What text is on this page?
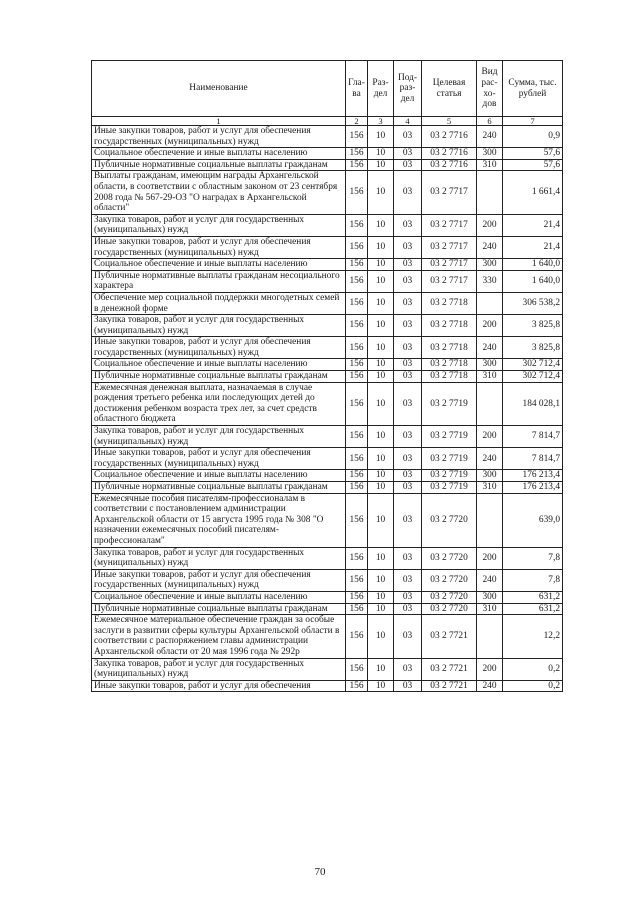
Наименование	Гла-ва	Раз-дел	Под-раз-дел	Целевая статья	Вид рас-хо-дов	Сумма, тыс. рублей
1	2	3	4	5	6	7
Иные закупки товаров, работ и услуг для обеспечения государственных (муниципальных) нужд	156	10	03	03 2 7716	240	0,9
Социальное обеспечение и иные выплаты населению	156	10	03	03 2 7716	300	57,6
Публичные нормативные социальные выплаты гражданам	156	10	03	03 2 7716	310	57,6
Выплаты гражданам, имеющим награды Архангельской области, в соответствии с областным законом от 23 сентября 2008 года № 567-29-ОЗ "О наградах в Архангельской области"	156	10	03	03 2 7717		1 661,4
Закупка товаров, работ и услуг для государственных (муниципальных) нужд	156	10	03	03 2 7717	200	21,4
Иные закупки товаров, работ и услуг для обеспечения государственных (муниципальных) нужд	156	10	03	03 2 7717	240	21,4
Социальное обеспечение и иные выплаты населению	156	10	03	03 2 7717	300	1 640,0
Публичные нормативные выплаты гражданам несоциального характера	156	10	03	03 2 7717	330	1 640,0
Обеспечение мер социальной поддержки многодетных семей в денежной форме	156	10	03	03 2 7718		306 538,2
Закупка товаров, работ и услуг для государственных (муниципальных) нужд	156	10	03	03 2 7718	200	3 825,8
Иные закупки товаров, работ и услуг для обеспечения государственных (муниципальных) нужд	156	10	03	03 2 7718	240	3 825,8
Социальное обеспечение и иные выплаты населению	156	10	03	03 2 7718	300	302 712,4
Публичные нормативные социальные выплаты гражданам	156	10	03	03 2 7718	310	302 712,4
Ежемесячная денежная выплата, назначаемая в случае рождения третьего ребенка или последующих детей до достижения ребенком возраста трех лет, за счет средств областного бюджета	156	10	03	03 2 7719		184 028,1
Закупка товаров, работ и услуг для государственных (муниципальных) нужд	156	10	03	03 2 7719	200	7 814,7
Иные закупки товаров, работ и услуг для обеспечения государственных (муниципальных) нужд	156	10	03	03 2 7719	240	7 814,7
Социальное обеспечение и иные выплаты населению	156	10	03	03 2 7719	300	176 213,4
Публичные нормативные социальные выплаты гражданам	156	10	03	03 2 7719	310	176 213,4
Ежемесячные пособия писателям-профессионалам в соответствии с постановлением администрации Архангельской области от 15 августа 1995 года № 308 "О назначении ежемесячных пособий писателям-профессионалам"	156	10	03	03 2 7720		639,0
Закупка товаров, работ и услуг для государственных (муниципальных) нужд	156	10	03	03 2 7720	200	7,8
Иные закупки товаров, работ и услуг для обеспечения государственных (муниципальных) нужд	156	10	03	03 2 7720	240	7,8
Социальное обеспечение и иные выплаты населению	156	10	03	03 2 7720	300	631,2
Публичные нормативные социальные выплаты гражданам	156	10	03	03 2 7720	310	631,2
Ежемесячное материальное обеспечение граждан за особые заслуги в развитии сферы культуры Архангельской области в соответствии с распоряжением главы администрации Архангельской области от 20 мая 1996 года № 292р	156	10	03	03 2 7721		12,2
Закупка товаров, работ и услуг для государственных (муниципальных) нужд	156	10	03	03 2 7721	200	0,2
Иные закупки товаров, работ и услуг для обеспечения	156	10	03	03 2 7721	240	0,2
70
